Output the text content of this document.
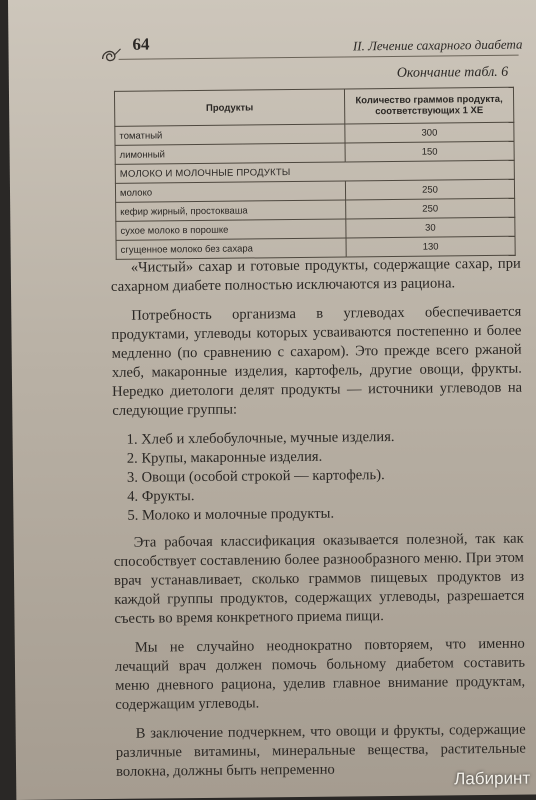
64	II. Лечение сахарного диабета
Окончание табл. 6
Продукты	Количество граммов продукта, соответствующих 1 ХЕ
томатный	300
лимонный	150
МОЛОКО И МОЛОЧНЫЕ ПРОДУКТЫ	
молоко	250
кефир жирный, простокваша	250
сухое молоко в порошке	30
сгущенное молоко без сахара	130

«Чистый» сахар и готовые продукты, содержащие сахар, при сахарном диабете полностью исключаются из рациона.

Потребность организма в углеводах обеспечивается продуктами, углеводы которых усваиваются постепенно и более медленно (по сравнению с сахаром). Это прежде всего ржаной хлеб, макаронные изделия, картофель, другие овощи, фрукты. Нередко диетологи делят продукты — источники углеводов на следующие группы:

1. Хлеб и хлебобулочные, мучные изделия.
2. Крупы, макаронные изделия.
3. Овощи (особой строкой — картофель).
4. Фрукты.
5. Молоко и молочные продукты.

Эта рабочая классификация оказывается полезной, так как способствует составлению более разнообразного меню. При этом врач устанавливает, сколько граммов пищевых продуктов из каждой группы продуктов, содержащих углеводы, разрешается съесть во время конкретного приема пищи.

Мы не случайно неоднократно повторяем, что именно лечащий врач должен помочь больному диабетом составить меню дневного рациона, уделив главное внимание продуктам, содержащим углеводы.

В заключение подчеркнем, что овощи и фрукты, содержащие различные витамины, минеральные вещества, растительные волокна, должны быть непременно	Лабиринт
